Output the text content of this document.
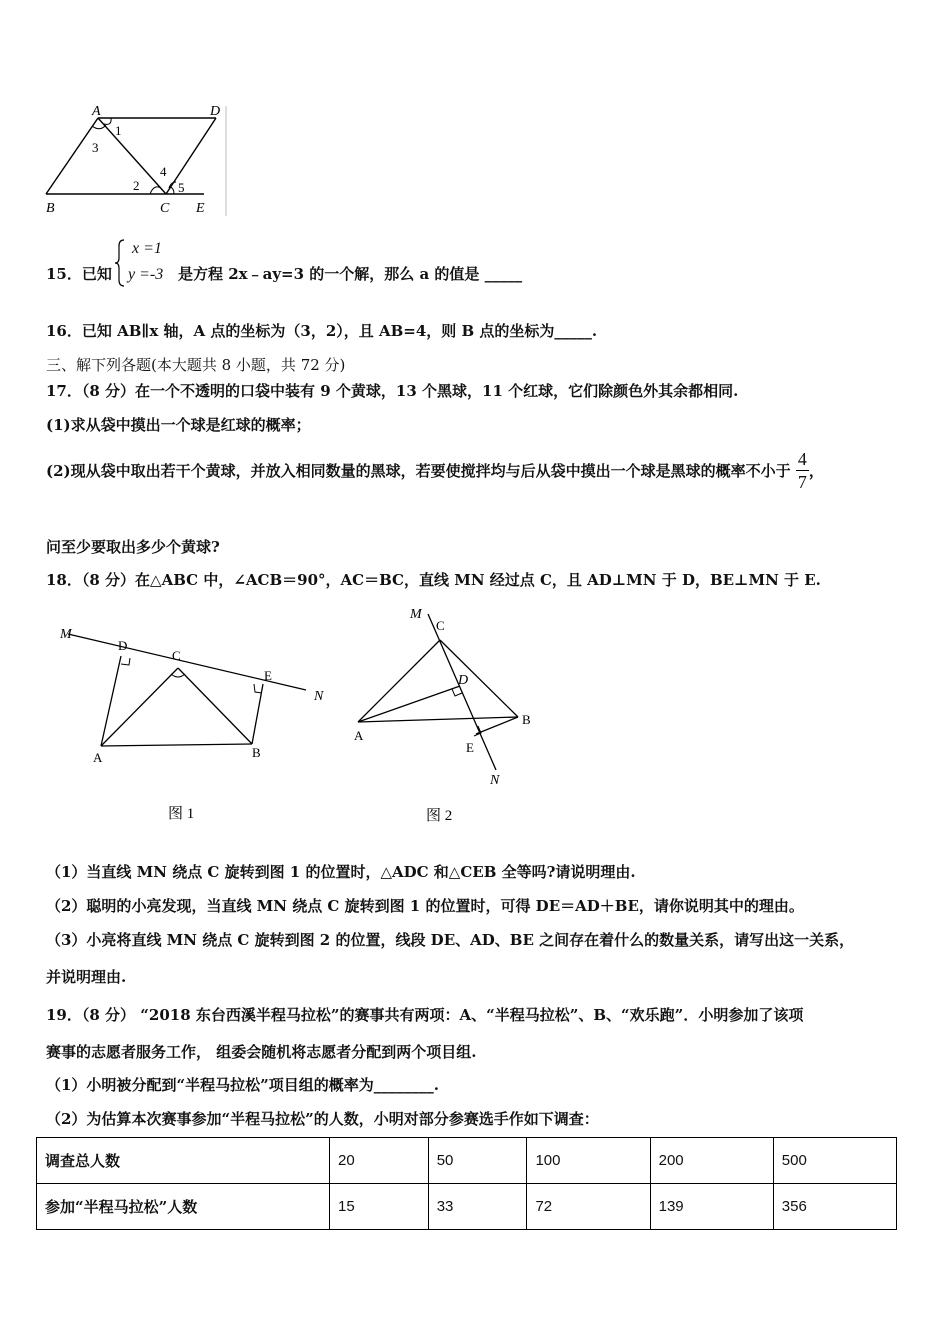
A	D
B	C E
1
3
4
2	5
15．已知
x =1
y =-3 是方程 2x﹣ay=3 的一个解，那么 a 的值是 _____
16．已知 AB∥x 轴，A 点的坐标为（3，2），且 AB=4，则 B 点的坐标为_____.
三、解下列各题(本大题共 8 小题，共 72 分)
17．（8 分）在一个不透明的口袋中装有 9 个黄球，13 个黑球，11 个红球，它们除颜色外其余都相同.
(1)求从袋中摸出一个球是红球的概率；
(2)现从袋中取出若干个黄球，并放入相同数量的黑球，若要使搅拌均与后从袋中摸出一个球是黑球的概率不小于 $\frac{4}{7}$ ，
问至少要取出多少个黄球?
18．（8 分）在△ABC 中，∠ACB＝90°，AC＝BC，直线 MN 经过点 C，且 AD⊥MN 于 D，BE⊥MN 于 E.
M
D
C
E
N
A	B
图 1
M
C
D
A
B
E
N
图 2
（1）当直线 MN 绕点 C 旋转到图 1 的位置时，△ADC 和△CEB 全等吗?请说明理由.
（2）聪明的小亮发现，当直线 MN 绕点 C 旋转到图 1 的位置时，可得 DE＝AD＋BE，请你说明其中的理由。
（3）小亮将直线 MN 绕点 C 旋转到图 2 的位置，线段 DE、AD、BE 之间存在着什么的数量关系，请写出这一关系，
并说明理由.
19．（8 分） “2018 东台西溪半程马拉松”的赛事共有两项：A、“半程马拉松”、B、“欢乐跑”．小明参加了该项
赛事的志愿者服务工作， 组委会随机将志愿者分配到两个项目组.
（1）小明被分配到“半程马拉松”项目组的概率为________.
（2）为估算本次赛事参加“半程马拉松”的人数，小明对部分参赛选手作如下调查：
调查总人数	20	50	100	200	500
参加“半程马拉松”人数	15	33	72	139	356
